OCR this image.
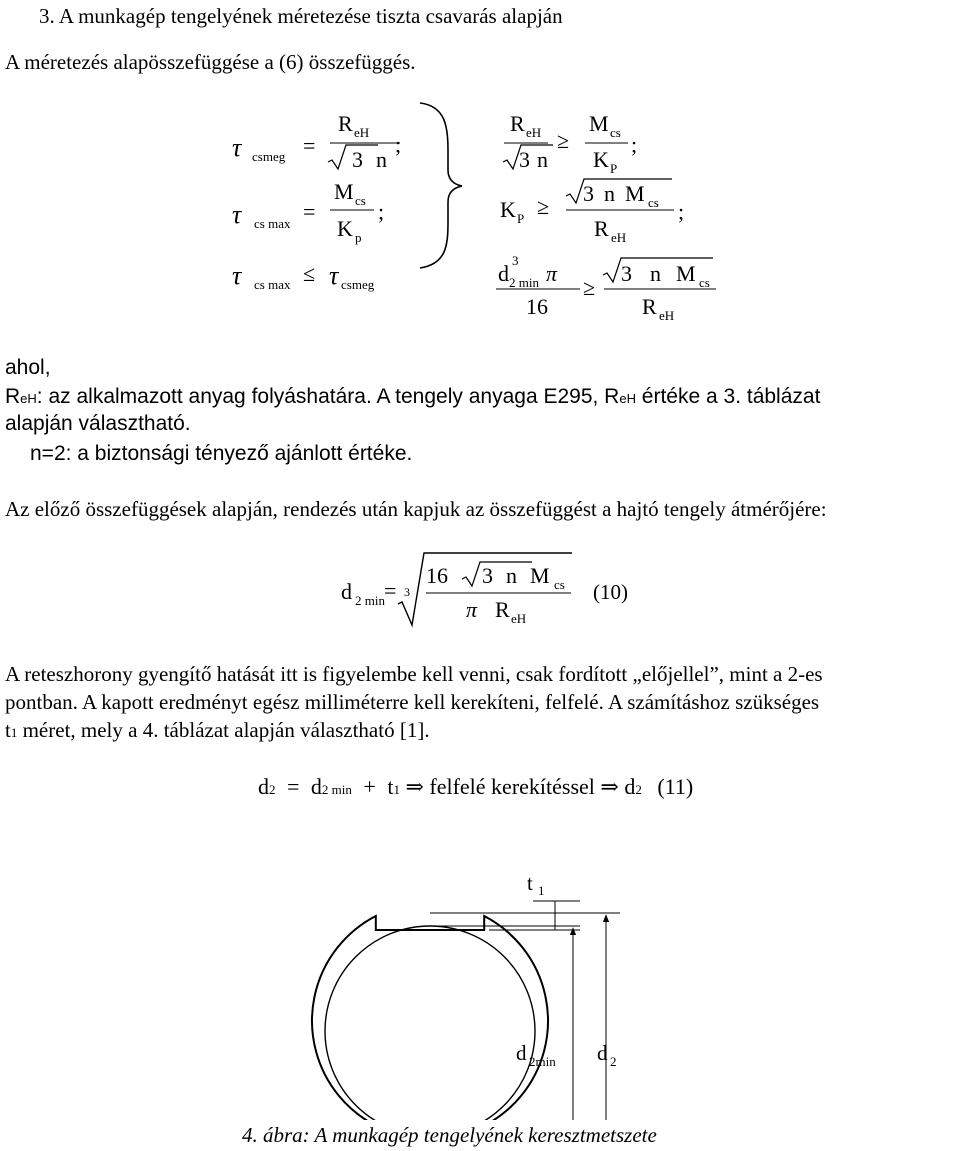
3. A munkagép tengelyének méretezése tiszta csavarás alapján
A méretezés alapösszefüggése a (6) összefüggés.
τ csmeg =
R eH
3 n
;
τ cs max =
M cs
K p
;
τ cs max ≤ τ csmeg
R eH
3 n
≥
M cs
K P
;
K P ≥
3 n M cs
R eH
;
d
3
2 min π
16
≥
3 n M cs
R eH
ahol,
ReH: az alkalmazott anyag folyáshatára. A tengely anyaga E295, ReH értéke a 3. táblázat
alapján választható.
n=2: a biztonsági tényező ajánlott értéke.
Az előző összefüggések alapján, rendezés után kapjuk az összefüggést a hajtó tengely átmérőjére:
d 2 min = 3
16 3 n M cs
π R eH
(10)
A reteszhorony gyengítő hatását itt is figyelembe kell venni, csak fordított „előjellel”, mint a 2-es
pontban. A kapott eredményt egész milliméterre kell kerekíteni, felfelé. A számításhoz szükséges
t1 méret, mely a 4. táblázat alapján választható [1].
d2 = d2 min + t1 ⇒ felfelé kerekítéssel ⇒ d2 (11)
t 1
d 2min d 2
4. ábra: A munkagép tengelyének keresztmetszete
